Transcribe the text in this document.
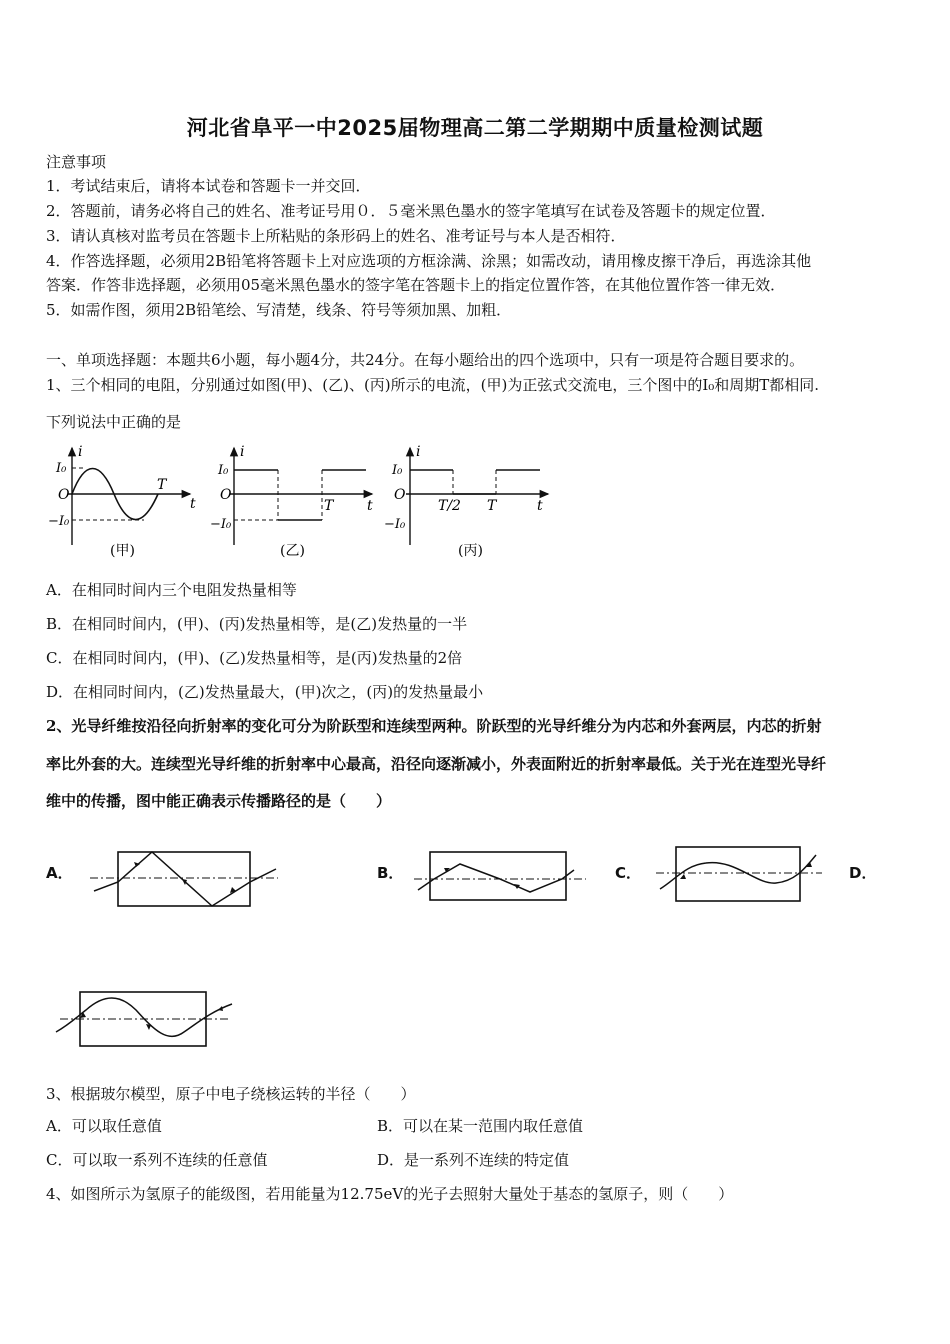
河北省阜平一中2025届物理高二第二学期期中质量检测试题
注意事项
1．考试结束后，请将本试卷和答题卡一并交回．
2．答题前，请务必将自己的姓名、准考证号用０．５毫米黑色墨水的签字笔填写在试卷及答题卡的规定位置．
3．请认真核对监考员在答题卡上所粘贴的条形码上的姓名、准考证号与本人是否相符．
4．作答选择题，必须用2B铅笔将答题卡上对应选项的方框涂满、涂黑；如需改动，请用橡皮擦干净后，再选涂其他
答案．作答非选择题，必须用05毫米黑色墨水的签字笔在答题卡上的指定位置作答，在其他位置作答一律无效．
5．如需作图，须用2B铅笔绘、写清楚，线条、符号等须加黑、加粗．
一、单项选择题：本题共6小题，每小题4分，共24分。在每小题给出的四个选项中，只有一项是符合题目要求的。
1、三个相同的电阻，分别通过如图(甲)、(乙)、(丙)所示的电流，(甲)为正弦式交流电，三个图中的I₀和周期T都相同.
下列说法中正确的是
i
I₀
O
−I₀
T
t
(甲)
i
I₀
O
−I₀
T t
(乙)
i
I₀
O
−I₀
T/2 T	t
(丙)
A．在相同时间内三个电阻发热量相等
B．在相同时间内，(甲)、(丙)发热量相等，是(乙)发热量的一半
C．在相同时间内，(甲)、(乙)发热量相等，是(丙)发热量的2倍
D．在相同时间内，(乙)发热量最大，(甲)次之，(丙)的发热量最小
2、光导纤维按沿径向折射率的变化可分为阶跃型和连续型两种。阶跃型的光导纤维分为内芯和外套两层，内芯的折射
率比外套的大。连续型光导纤维的折射率中心最高，沿径向逐渐减小，外表面附近的折射率最低。关于光在连型光导纤
维中的传播，图中能正确表示传播路径的是（　　）
A．	B．	C．	D．
3、根据玻尔模型，原子中电子绕核运转的半径（　　）
A．可以取任意值	B．可以在某一范围内取任意值
C．可以取一系列不连续的任意值	D．是一系列不连续的特定值
4、如图所示为氢原子的能级图，若用能量为12.75eV的光子去照射大量处于基态的氢原子，则（　　）
